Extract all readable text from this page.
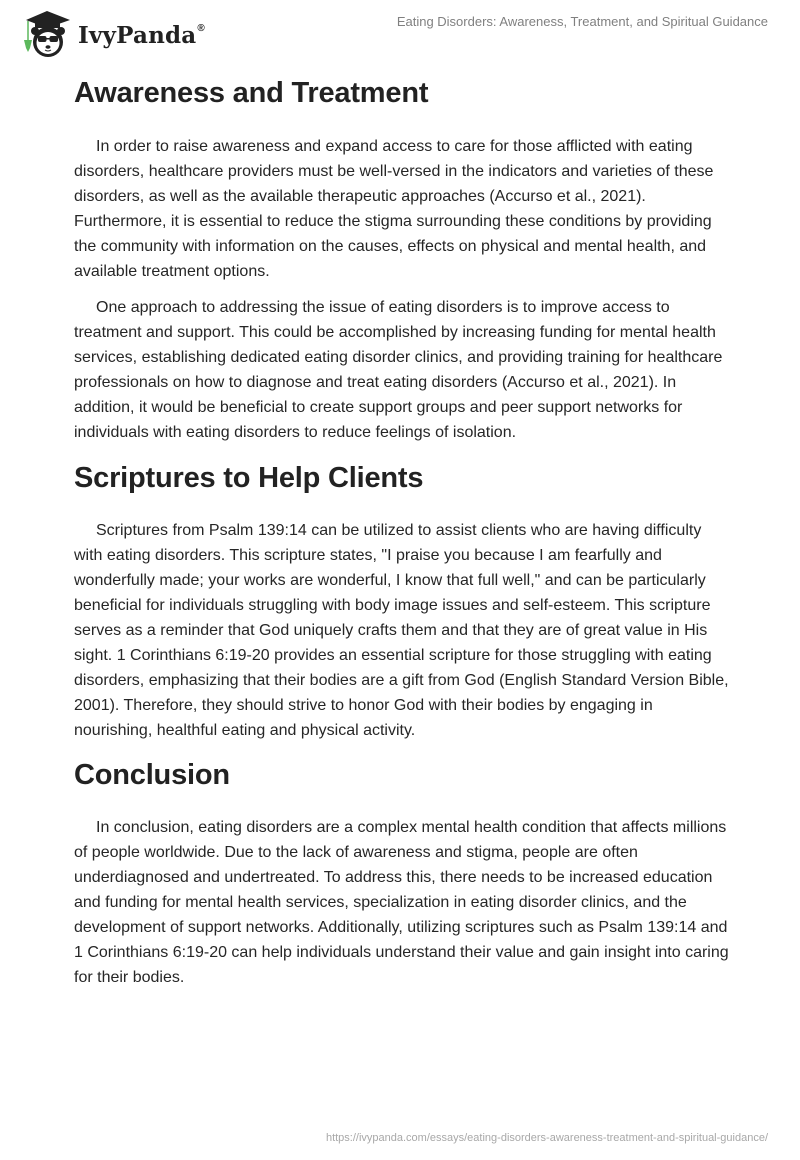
IvyPanda®	Eating Disorders: Awareness, Treatment, and Spiritual Guidance
Awareness and Treatment

In order to raise awareness and expand access to care for those afflicted with eating disorders, healthcare providers must be well-versed in the indicators and varieties of these disorders, as well as the available therapeutic approaches (Accurso et al., 2021). Furthermore, it is essential to reduce the stigma surrounding these conditions by providing the community with information on the causes, effects on physical and mental health, and available treatment options.

One approach to addressing the issue of eating disorders is to improve access to treatment and support. This could be accomplished by increasing funding for mental health services, establishing dedicated eating disorder clinics, and providing training for healthcare professionals on how to diagnose and treat eating disorders (Accurso et al., 2021). In addition, it would be beneficial to create support groups and peer support networks for individuals with eating disorders to reduce feelings of isolation.

Scriptures to Help Clients

Scriptures from Psalm 139:14 can be utilized to assist clients who are having difficulty with eating disorders. This scripture states, "I praise you because I am fearfully and wonderfully made; your works are wonderful, I know that full well," and can be particularly beneficial for individuals struggling with body image issues and self-esteem. This scripture serves as a reminder that God uniquely crafts them and that they are of great value in His sight. 1 Corinthians 6:19-20 provides an essential scripture for those struggling with eating disorders, emphasizing that their bodies are a gift from God (English Standard Version Bible, 2001). Therefore, they should strive to honor God with their bodies by engaging in nourishing, healthful eating and physical activity.

Conclusion

In conclusion, eating disorders are a complex mental health condition that affects millions of people worldwide. Due to the lack of awareness and stigma, people are often underdiagnosed and undertreated. To address this, there needs to be increased education and funding for mental health services, specialization in eating disorder clinics, and the development of support networks. Additionally, utilizing scriptures such as Psalm 139:14 and 1 Corinthians 6:19-20 can help individuals understand their value and gain insight into caring for their bodies.

https://ivypanda.com/essays/eating-disorders-awareness-treatment-and-spiritual-guidance/
